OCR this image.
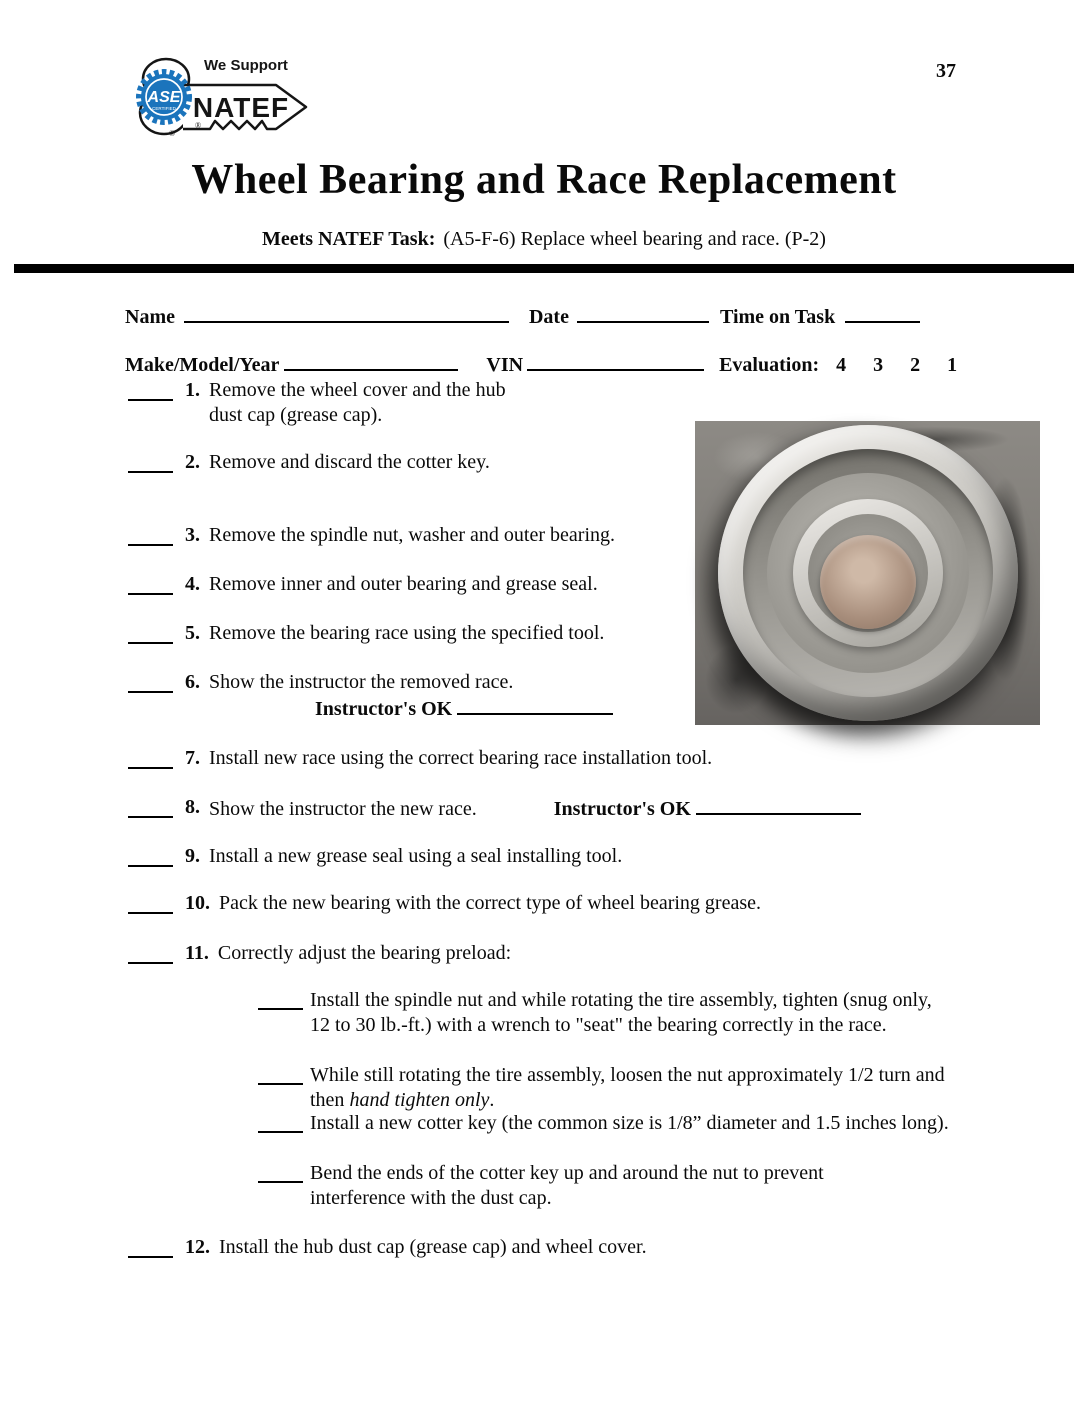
37
ASE
CERTIFIED
We Support
NATEF
®
®
Wheel Bearing and Race Replacement
Meets NATEF Task: (A5-F-6) Replace wheel bearing and race. (P-2)
Name	Date	Time on Task
Make/Model/Year	VIN	Evaluation: 4 3 2 1
1. Remove the wheel cover and the hub dust cap (grease cap).
2. Remove and discard the cotter key.
3. Remove the spindle nut, washer and outer bearing.
4. Remove inner and outer bearing and grease seal.
5. Remove the bearing race using the specified tool.
6. Show the instructor the removed race.
Instructor's OK
7. Install new race using the correct bearing race installation tool.
8. Show the instructor the new race.	Instructor's OK
9. Install a new grease seal using a seal installing tool.
10. Pack the new bearing with the correct type of wheel bearing grease.
11. Correctly adjust the bearing preload:
Install the spindle nut and while rotating the tire assembly, tighten (snug only, 12 to 30 lb.-ft.) with a wrench to "seat" the bearing correctly in the race.
While still rotating the tire assembly, loosen the nut approximately 1/2 turn and then hand tighten only.
Install a new cotter key (the common size is 1/8” diameter and 1.5 inches long).
Bend the ends of the cotter key up and around the nut to prevent interference with the dust cap.
12. Install the hub dust cap (grease cap) and wheel cover.
